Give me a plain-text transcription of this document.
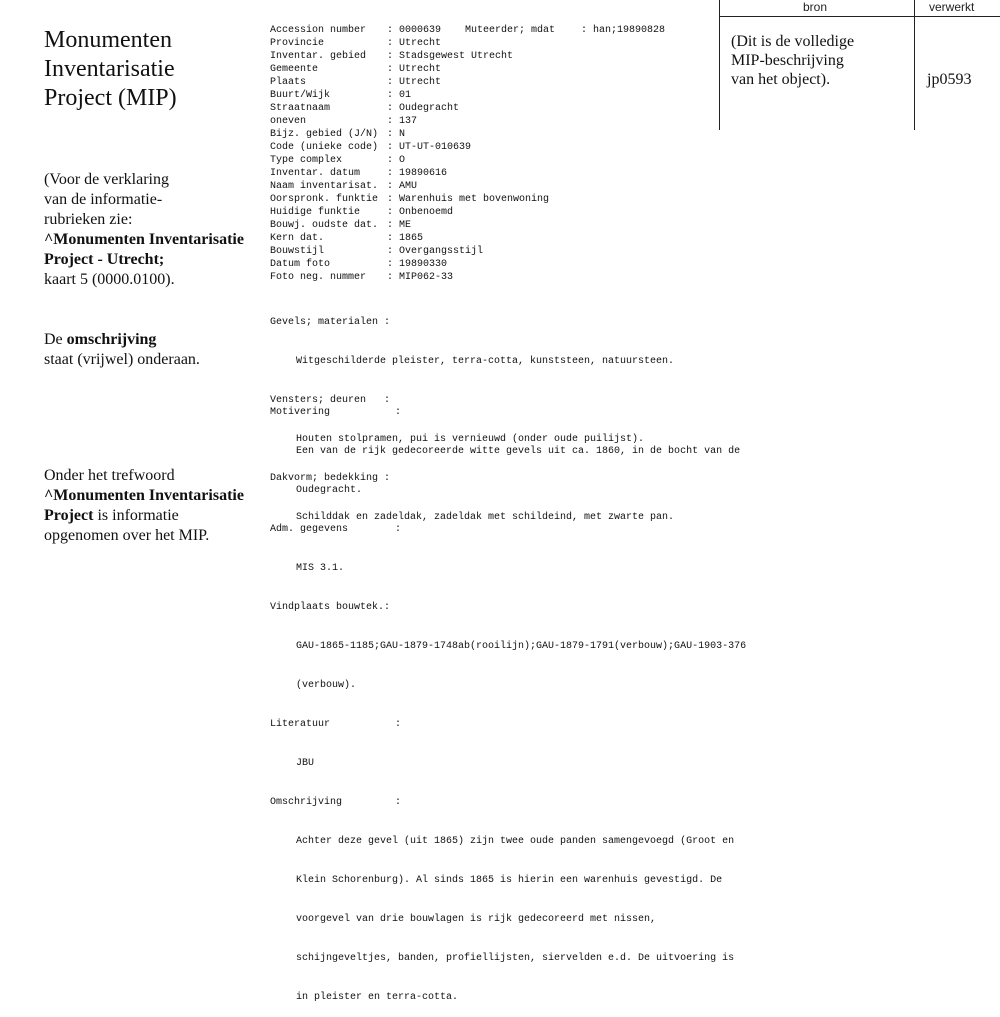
Monumenten
Inventarisatie
Project (MIP)
(Voor de verklaring
van de informatie-
rubrieken zie:
^Monumenten Inventarisatie
Project - Utrecht;
kaart 5 (0000.0100).
De omschrijving
staat (vrijwel) onderaan.
Onder het trefwoord
^Monumenten Inventarisatie
Project is informatie
opgenomen over het MIP.
Accession number	: 0000639 Muteerder; mdat	: han;19890828
Provincie	: Utrecht
Inventar. gebied	: Stadsgewest Utrecht
Gemeente	: Utrecht
Plaats	: Utrecht
Buurt/Wijk	: 01
Straatnaam	: Oudegracht
oneven	: 137
Bijz. gebied (J/N) : N
Code (unieke code) : UT-UT-010639
Type complex	: O
Inventar. datum	: 19890616
Naam inventarisat. : AMU
Oorspronk. funktie : Warenhuis met bovenwoning
Huidige funktie	: Onbenoemd
Bouwj. oudste dat. : ME
Kern dat.	: 1865
Bouwstijl	: Overgangsstijl
Datum foto	: 19890330
Foto neg. nummer	: MIP062-33

Gevels; materialen :

Witgeschilderde pleister, terra-cotta, kunststeen, natuursteen.

Vensters; deuren   :

Houten stolpramen, pui is vernieuwd (onder oude puilijst).

Dakvorm; bedekking :

Schilddak en zadeldak, zadeldak met schildeind, met zwarte pan.

Motivering	:

Een van de rijk gedecoreerde witte gevels uit ca. 1860, in de bocht van de

Oudegracht.

Adm. gegevens	:

MIS 3.1.

Vindplaats bouwtek.:

GAU-1865-1185;GAU-1879-1748ab(rooilijn);GAU-1879-1791(verbouw);GAU-1903-376

(verbouw).

Literatuur	:

JBU

Omschrijving	:

Achter deze gevel (uit 1865) zijn twee oude panden samengevoegd (Groot en

Klein Schorenburg). Al sinds 1865 is hierin een warenhuis gevestigd. De

voorgevel van drie bouwlagen is rijk gedecoreerd met nissen,

schijngeveltjes, banden, profiellijsten, siervelden e.d. De uitvoering is

in pleister en terra-cotta.

bron	verwerkt
(Dit is de volledige
MIP-beschrijving
van het object).	jp0593
